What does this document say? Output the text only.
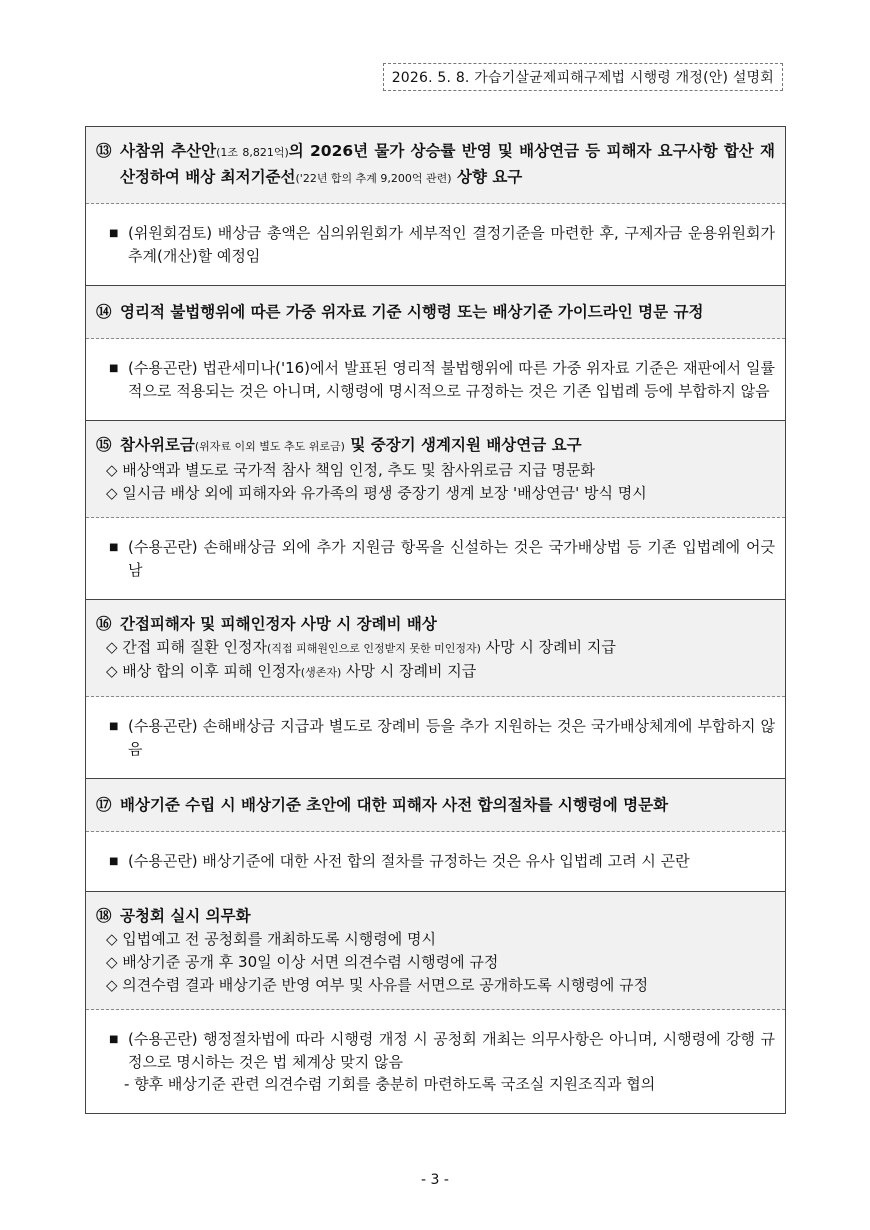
2026. 5. 8. 가습기살균제피해구제법 시행령 개정(안) 설명회
⑬ 사참위 추산안(1조 8,821억)의 2026년 물가 상승률 반영 및 배상연금 등 피해자 요구사항 합산 재산정하여 배상 최저기준선('22년 합의 추계 9,200억 관련) 상향 요구
■ (위원회검토) 배상금 총액은 심의위원회가 세부적인 결정기준을 마련한 후, 구제자금 운용위원회가 추계(개산)할 예정임
⑭ 영리적 불법행위에 따른 가중 위자료 기준 시행령 또는 배상기준 가이드라인 명문 규정
■ (수용곤란) 법관세미나('16)에서 발표된 영리적 불법행위에 따른 가중 위자료 기준은 재판에서 일률적으로 적용되는 것은 아니며, 시행령에 명시적으로 규정하는 것은 기존 입법례 등에 부합하지 않음
⑮ 참사위로금(위자료 이외 별도 추도 위로금) 및 중장기 생계지원 배상연금 요구
◇ 배상액과 별도로 국가적 참사 책임 인정, 추도 및 참사위로금 지급 명문화
◇ 일시금 배상 외에 피해자와 유가족의 평생 중장기 생계 보장 '배상연금' 방식 명시
■ (수용곤란) 손해배상금 외에 추가 지원금 항목을 신설하는 것은 국가배상법 등 기존 입법례에 어긋남
⑯ 간접피해자 및 피해인정자 사망 시 장례비 배상
◇ 간접 피해 질환 인정자(직접 피해원인으로 인정받지 못한 미인정자) 사망 시 장례비 지급
◇ 배상 합의 이후 피해 인정자(생존자) 사망 시 장례비 지급
■ (수용곤란) 손해배상금 지급과 별도로 장례비 등을 추가 지원하는 것은 국가배상체계에 부합하지 않음
⑰ 배상기준 수립 시 배상기준 초안에 대한 피해자 사전 합의절차를 시행령에 명문화
■ (수용곤란) 배상기준에 대한 사전 합의 절차를 규정하는 것은 유사 입법례 고려 시 곤란
⑱ 공청회 실시 의무화
◇ 입법예고 전 공청회를 개최하도록 시행령에 명시
◇ 배상기준 공개 후 30일 이상 서면 의견수렴 시행령에 규정
◇ 의견수렴 결과 배상기준 반영 여부 및 사유를 서면으로 공개하도록 시행령에 규정
■ (수용곤란) 행정절차법에 따라 시행령 개정 시 공청회 개최는 의무사항은 아니며, 시행령에 강행 규정으로 명시하는 것은 법 체계상 맞지 않음
- 향후 배상기준 관련 의견수렴 기회를 충분히 마련하도록 국조실 지원조직과 협의
- 3 -
